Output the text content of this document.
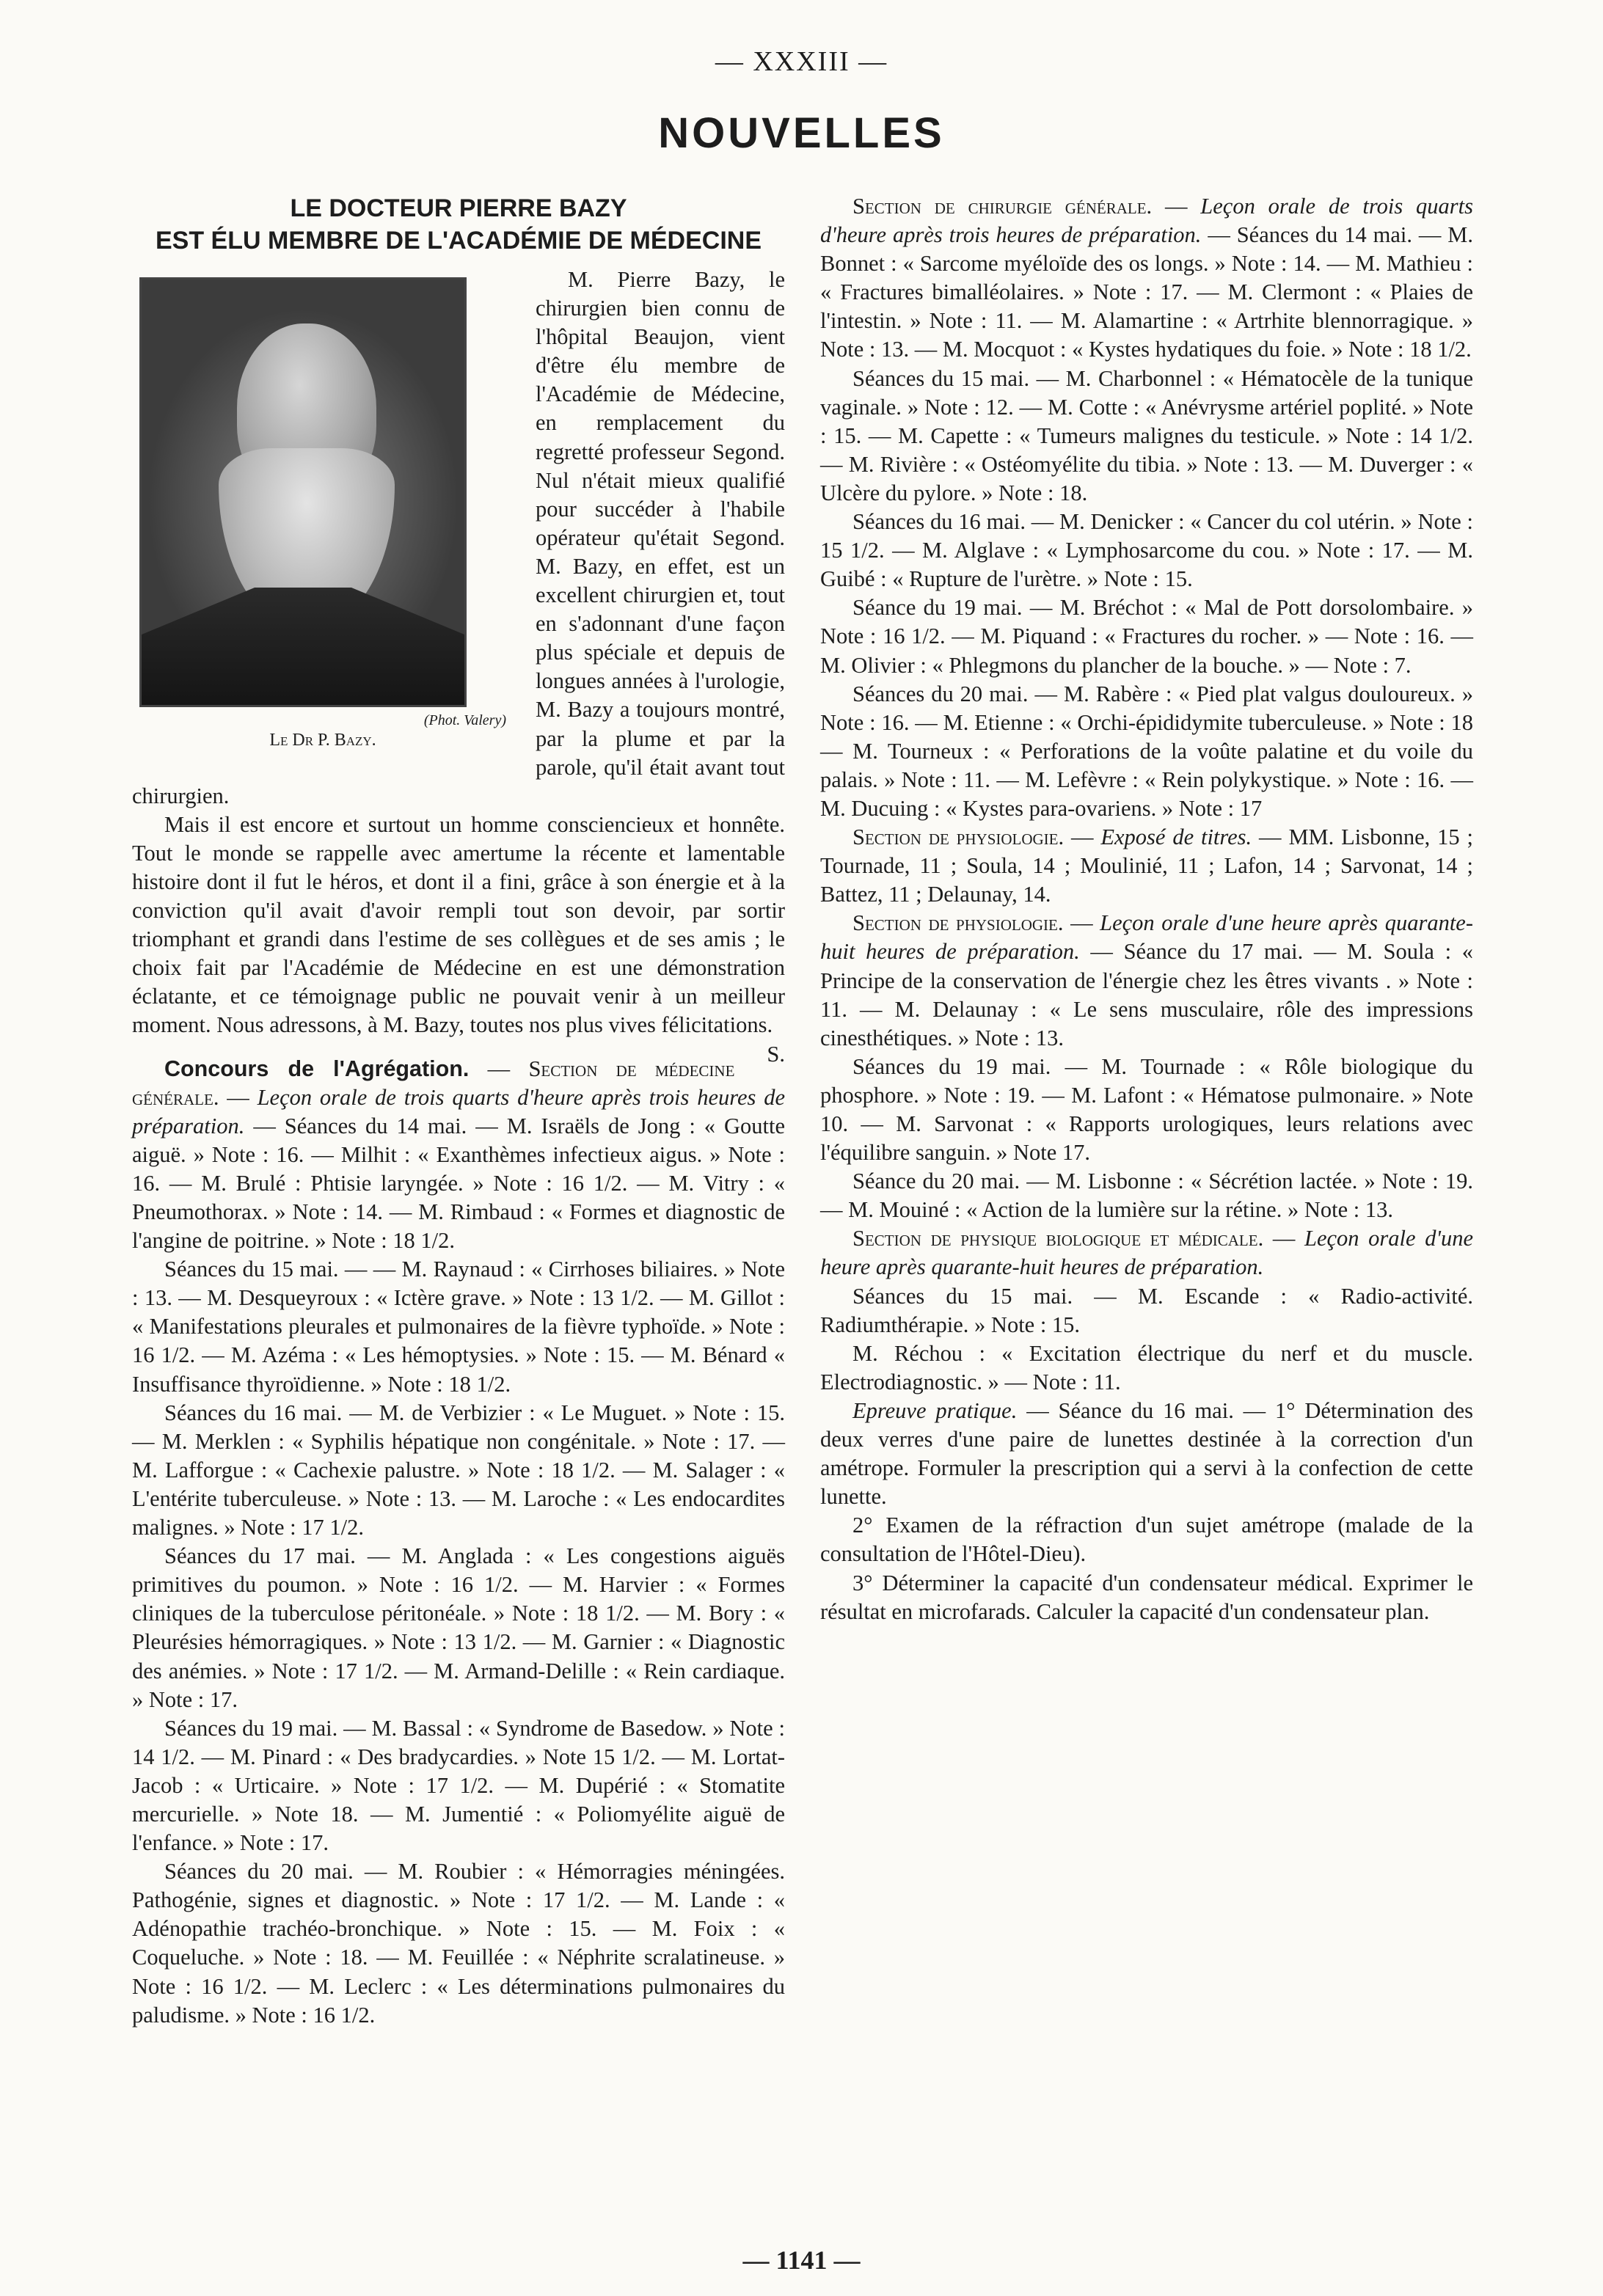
— XXXIII —
NOUVELLES
LE DOCTEUR PIERRE BAZY
EST ÉLU MEMBRE DE L'ACADÉMIE DE MÉDECINE
(Phot. Valery)
Le Dr P. Bazy.

M. Pierre Bazy, le chirurgien bien connu de l'hôpital Beaujon, vient d'être élu membre de l'Académie de Médecine, en remplacement du regretté professeur Segond. Nul n'était mieux qualifié pour succéder à l'habile opérateur qu'était Segond. M. Bazy, en effet, est un excellent chirurgien et, tout en s'adonnant d'une façon plus spéciale et depuis de longues années à l'urologie, M. Bazy a toujours montré, par la plume et par la parole, qu'il était avant tout chirurgien.

Mais il est encore et surtout un homme consciencieux et honnête. Tout le monde se rappelle avec amertume la récente et lamentable histoire dont il fut le héros, et dont il a fini, grâce à son énergie et à la conviction qu'il avait d'avoir rempli tout son devoir, par sortir triomphant et grandi dans l'estime de ses collègues et de ses amis ; le choix fait par l'Académie de Médecine en est une démonstration éclatante, et ce témoignage public ne pouvait venir à un meilleur moment. Nous adressons, à M. Bazy, toutes nos plus vives félicitations.
S.

Concours de l'Agrégation. — Section de médecine générale. — Leçon orale de trois quarts d'heure après trois heures de préparation. — Séances du 14 mai. — M. Israëls de Jong : « Goutte aiguë. » Note : 16. — Milhit : « Exanthèmes infectieux aigus. » Note : 16. — M. Brulé : Phtisie laryngée. » Note : 16 1/2. — M. Vitry : « Pneumothorax. » Note : 14. — M. Rimbaud : « Formes et diagnostic de l'angine de poitrine. » Note : 18 1/2.

Séances du 15 mai. — — M. Raynaud : « Cirrhoses biliaires. » Note : 13. — M. Desqueyroux : « Ictère grave. » Note : 13 1/2. — M. Gillot : « Manifestations pleurales et pulmonaires de la fièvre typhoïde. » Note : 16 1/2. — M. Azéma : « Les hémoptysies. » Note : 15. — M. Bénard « Insuffisance thyroïdienne. » Note : 18 1/2.

Séances du 16 mai. — M. de Verbizier : « Le Muguet. » Note : 15. — M. Merklen : « Syphilis hépatique non congénitale. » Note : 17. — M. Lafforgue : « Cachexie palustre. » Note : 18 1/2. — M. Salager : « L'entérite tuberculeuse. » Note : 13. — M. Laroche : « Les endocardites malignes. » Note : 17 1/2.

Séances du 17 mai. — M. Anglada : « Les congestions aiguës primitives du poumon. » Note : 16 1/2. — M. Harvier : « Formes cliniques de la tuberculose péritonéale. » Note : 18 1/2. — M. Bory : « Pleurésies hémorragiques. » Note : 13 1/2. — M. Garnier : « Diagnostic des anémies. » Note : 17 1/2. — M. Armand-Delille : « Rein cardiaque. » Note : 17.

Séances du 19 mai. — M. Bassal : « Syndrome de Basedow. » Note : 14 1/2. — M. Pinard : « Des bradycardies. » Note 15 1/2. — M. Lortat-Jacob : « Urticaire. » Note : 17 1/2. — M. Dupérié : « Stomatite mercurielle. » Note 18. — M. Jumentié : « Poliomyélite aiguë de l'enfance. » Note : 17.

Séances du 20 mai. — M. Roubier : « Hémorragies méningées. Pathogénie, signes et diagnostic. » Note : 17 1/2. — M. Lande : « Adénopathie trachéo-bronchique. » Note : 15. — M. Foix : « Coqueluche. » Note : 18. — M. Feuillée : « Néphrite scralatineuse. » Note : 16 1/2. — M. Leclerc : « Les déterminations pulmonaires du paludisme. » Note : 16 1/2.

Section de chirurgie générale. — Leçon orale de trois quarts d'heure après trois heures de préparation. — Séances du 14 mai. — M. Bonnet : « Sarcome myéloïde des os longs. » Note : 14. — M. Mathieu : « Fractures bimalléolaires. » Note : 17. — M. Clermont : « Plaies de l'intestin. » Note : 11. — M. Alamartine : « Artrhite blennorragique. » Note : 13. — M. Mocquot : « Kystes hydatiques du foie. » Note : 18 1/2.

Séances du 15 mai. — M. Charbonnel : « Hématocèle de la tunique vaginale. » Note : 12. — M. Cotte : « Anévrysme artériel poplité. » Note : 15. — M. Capette : « Tumeurs malignes du testicule. » Note : 14 1/2. — M. Rivière : « Ostéomyélite du tibia. » Note : 13. — M. Duverger : « Ulcère du pylore. » Note : 18.

Séances du 16 mai. — M. Denicker : « Cancer du col utérin. » Note : 15 1/2. — M. Alglave : « Lymphosarcome du cou. » Note : 17. — M. Guibé : « Rupture de l'urètre. » Note : 15.

Séance du 19 mai. — M. Bréchot : « Mal de Pott dorsolombaire. » Note : 16 1/2. — M. Piquand : « Fractures du rocher. » — Note : 16. — M. Olivier : « Phlegmons du plancher de la bouche. » — Note : 7.

Séances du 20 mai. — M. Rabère : « Pied plat valgus douloureux. » Note : 16. — M. Etienne : « Orchi-épididymite tuberculeuse. » Note : 18 — M. Tourneux : « Perforations de la voûte palatine et du voile du palais. » Note : 11. — M. Lefèvre : « Rein polykystique. » Note : 16. — M. Ducuing : « Kystes para-ovariens. » Note : 17

Section de physiologie. — Exposé de titres. — MM. Lisbonne, 15 ; Tournade, 11 ; Soula, 14 ; Moulinié, 11 ; Lafon, 14 ; Sarvonat, 14 ; Battez, 11 ; Delaunay, 14.

Section de physiologie. — Leçon orale d'une heure après quarante-huit heures de préparation. — Séance du 17 mai. — M. Soula : « Principe de la conservation de l'énergie chez les êtres vivants . » Note : 11. — M. Delaunay : « Le sens musculaire, rôle des impressions cinesthétiques. » Note : 13.

Séances du 19 mai. — M. Tournade : « Rôle biologique du phosphore. » Note : 19. — M. Lafont : « Hématose pulmonaire. » Note 10. — M. Sarvonat : « Rapports urologiques, leurs relations avec l'équilibre sanguin. » Note 17.

Séance du 20 mai. — M. Lisbonne : « Sécrétion lactée. » Note : 19. — M. Mouiné : « Action de la lumière sur la rétine. » Note : 13.

Section de physique biologique et médicale. — Leçon orale d'une heure après quarante-huit heures de préparation.

Séances du 15 mai. — M. Escande : « Radio-activité. Radiumthérapie. » Note : 15.

M. Réchou : « Excitation électrique du nerf et du muscle. Electrodiagnostic. » — Note : 11.

Epreuve pratique. — Séance du 16 mai. — 1° Détermination des deux verres d'une paire de lunettes destinée à la correction d'un amétrope. Formuler la prescription qui a servi à la confection de cette lunette.

2° Examen de la réfraction d'un sujet amétrope (malade de la consultation de l'Hôtel-Dieu).

3° Déterminer la capacité d'un condensateur médical. Exprimer le résultat en microfarads. Calculer la capacité d'un condensateur plan.

— 1141 —
